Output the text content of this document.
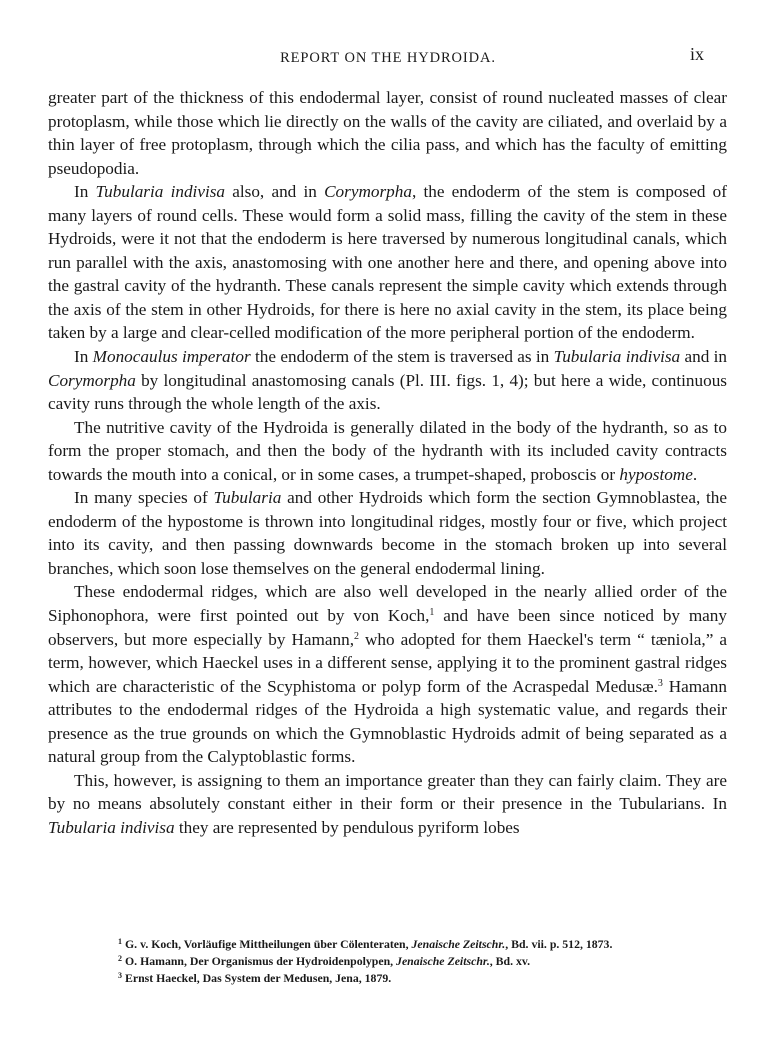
REPORT ON THE HYDROIDA.	ix

greater part of the thickness of this endodermal layer, consist of round nucleated masses of clear protoplasm, while those which lie directly on the walls of the cavity are ciliated, and overlaid by a thin layer of free protoplasm, through which the cilia pass, and which has the faculty of emitting pseudopodia.

In Tubularia indivisa also, and in Corymorpha, the endoderm of the stem is composed of many layers of round cells. These would form a solid mass, filling the cavity of the stem in these Hydroids, were it not that the endoderm is here traversed by numerous longitudinal canals, which run parallel with the axis, anastomosing with one another here and there, and opening above into the gastral cavity of the hydranth. These canals represent the simple cavity which extends through the axis of the stem in other Hydroids, for there is here no axial cavity in the stem, its place being taken by a large and clear-celled modification of the more peripheral portion of the endoderm.

In Monocaulus imperator the endoderm of the stem is traversed as in Tubularia indivisa and in Corymorpha by longitudinal anastomosing canals (Pl. III. figs. 1, 4); but here a wide, continuous cavity runs through the whole length of the axis.

The nutritive cavity of the Hydroida is generally dilated in the body of the hydranth, so as to form the proper stomach, and then the body of the hydranth with its included cavity contracts towards the mouth into a conical, or in some cases, a trumpet-shaped, proboscis or hypostome.

In many species of Tubularia and other Hydroids which form the section Gymnoblastea, the endoderm of the hypostome is thrown into longitudinal ridges, mostly four or five, which project into its cavity, and then passing downwards become in the stomach broken up into several branches, which soon lose themselves on the general endodermal lining.

These endodermal ridges, which are also well developed in the nearly allied order of the Siphonophora, were first pointed out by von Koch,$^1$ and have been since noticed by many observers, but more especially by Hamann,$^2$ who adopted for them Haeckel's term “ tæniola,” a term, however, which Haeckel uses in a different sense, applying it to the prominent gastral ridges which are characteristic of the Scyphistoma or polyp form of the Acraspedal Medusæ.$^3$ Hamann attributes to the endodermal ridges of the Hydroida a high systematic value, and regards their presence as the true grounds on which the Gymnoblastic Hydroids admit of being separated as a natural group from the Calyptoblastic forms.

This, however, is assigning to them an importance greater than they can fairly claim. They are by no means absolutely constant either in their form or their presence in the Tubularians. In Tubularia indivisa they are represented by pendulous pyriform lobes

$^1$ G. v. Koch, Vorläufige Mittheilungen über Cölenteraten, Jenaische Zeitschr., Bd. vii. p. 512, 1873.
$^2$ O. Hamann, Der Organismus der Hydroidenpolypen, Jenaische Zeitschr., Bd. xv.
$^3$ Ernst Haeckel, Das System der Medusen, Jena, 1879.
